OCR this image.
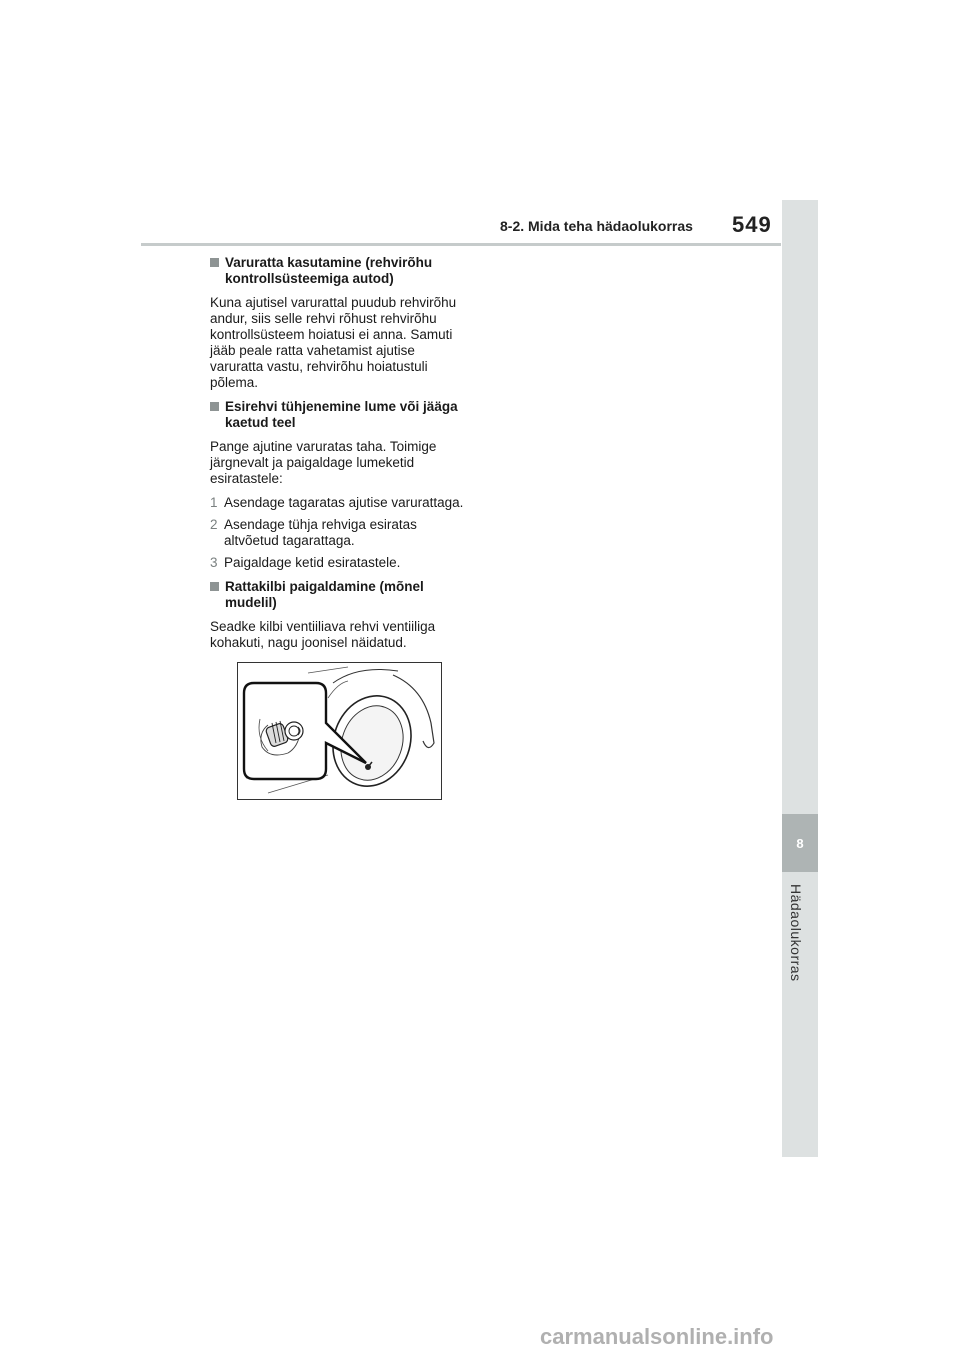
8
Hädaolukorras
8-2. Mida teha hädaolukorras 549
Varuratta kasutamine (rehvirõhu kontrollsüsteemiga autod)

Kuna ajutisel varurattal puudub rehvirõhu andur, siis selle rehvi rõhust rehvirõhu kontrollsüsteem hoiatusi ei anna. Samuti jääb peale ratta vahetamist ajutise varuratta vastu, rehvirõhu hoiatustuli põlema.

Esirehvi tühjenemine lume või jääga kaetud teel

Pange ajutine varuratas taha. Toimige järgnevalt ja paigaldage lumeketid esiratastele:

1 Asendage tagaratas ajutise varurattaga.
2 Asendage tühja rehviga esiratas altvõetud tagarattaga.
3 Paigaldage ketid esiratastele.
Rattakilbi paigaldamine (mõnel mudelil)

Seadke kilbi ventiiliava rehvi ventiiliga kohakuti, nagu joonisel näidatud.

carmanualsonline.info
